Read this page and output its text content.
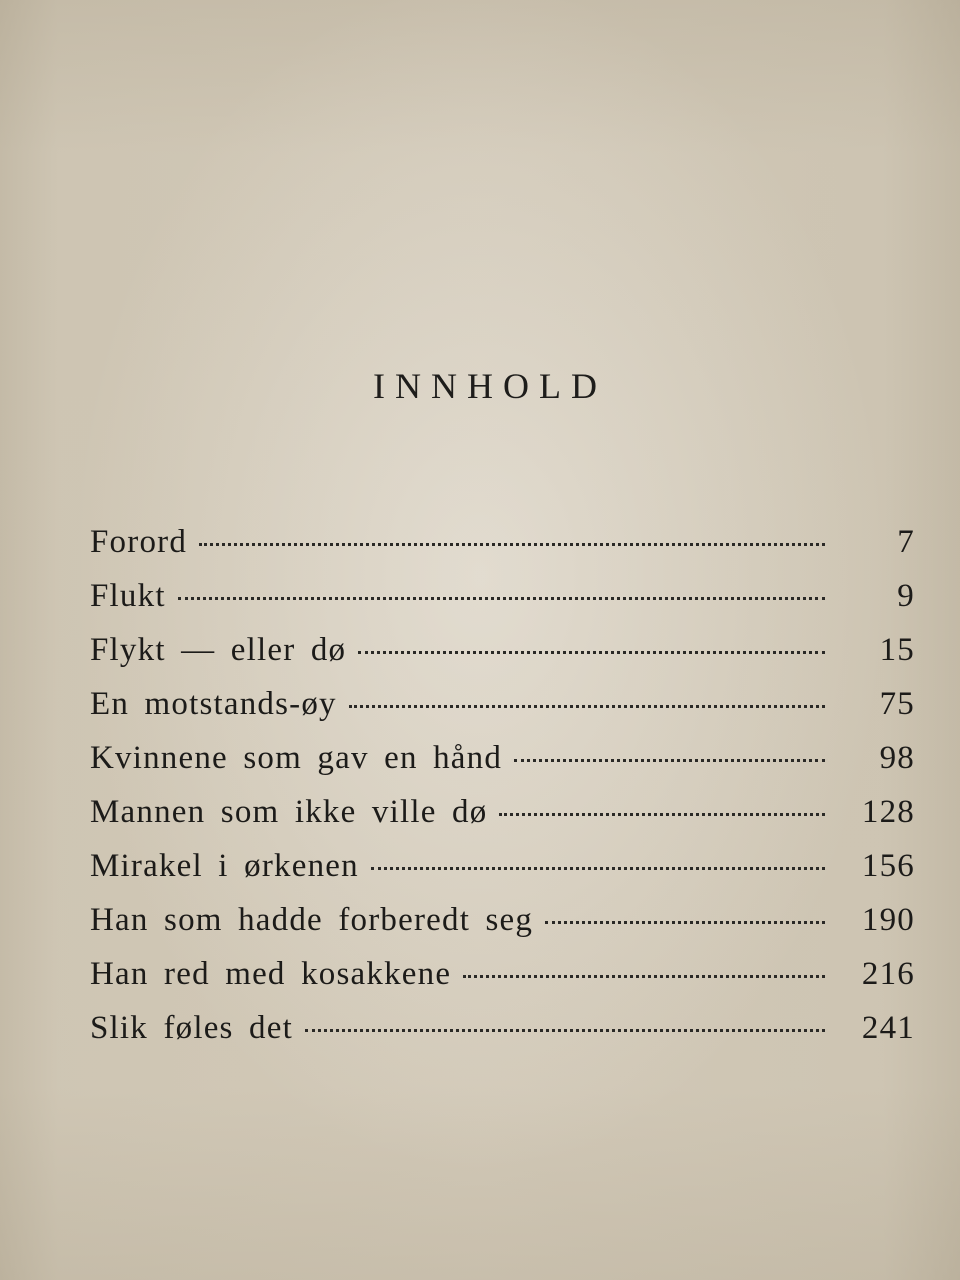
INNHOLD
Forord	7
Flukt	9
Flykt — eller dø	15
En motstands-øy	75
Kvinnene som gav en hånd	98
Mannen som ikke ville dø	128
Mirakel i ørkenen	156
Han som hadde forberedt seg	190
Han red med kosakkene	216
Slik føles det	241
